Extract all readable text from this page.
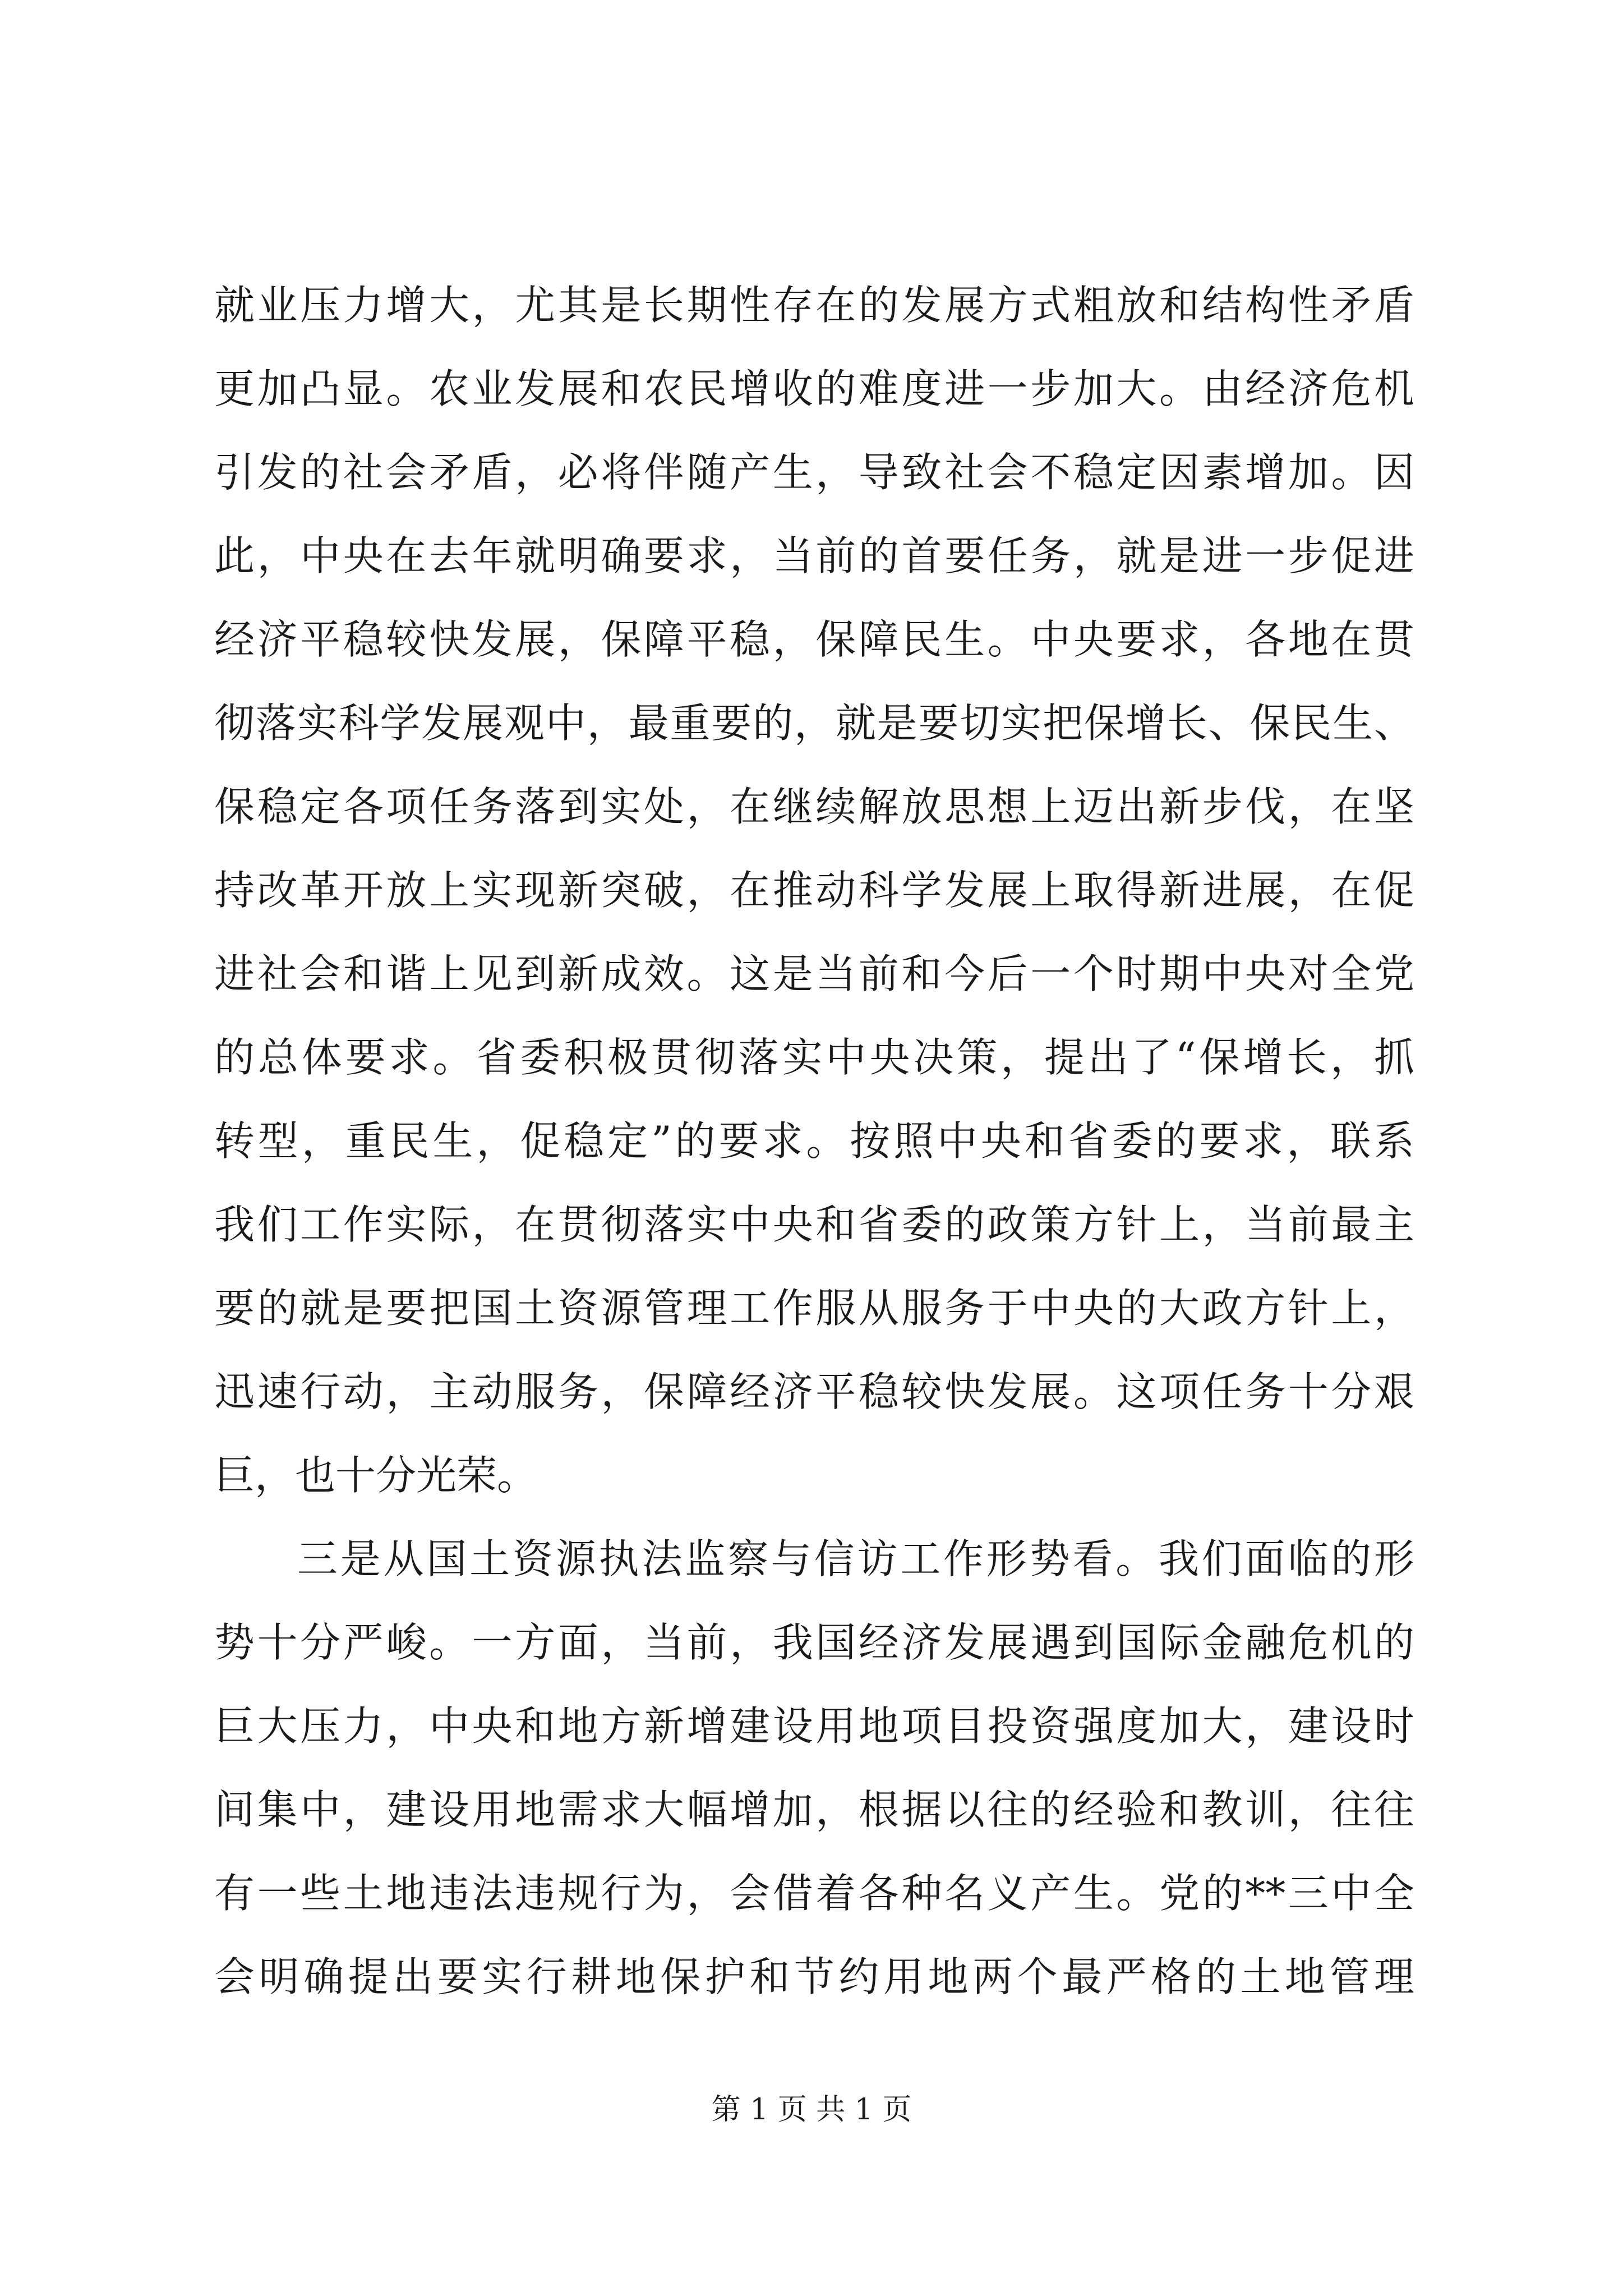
就业压力增大，尤其是长期性存在的发展方式粗放和结构性矛盾
更加凸显。农业发展和农民增收的难度进一步加大。由经济危机
引发的社会矛盾，必将伴随产生，导致社会不稳定因素增加。因
此，中央在去年就明确要求，当前的首要任务，就是进一步促进
经济平稳较快发展，保障平稳，保障民生。中央要求，各地在贯
彻落实科学发展观中，最重要的，就是要切实把保增长、保民生、
保稳定各项任务落到实处，在继续解放思想上迈出新步伐，在坚
持改革开放上实现新突破，在推动科学发展上取得新进展，在促
进社会和谐上见到新成效。这是当前和今后一个时期中央对全党
的总体要求。省委积极贯彻落实中央决策，提出了“保增长，抓
转型，重民生，促稳定”的要求。按照中央和省委的要求，联系
我们工作实际，在贯彻落实中央和省委的政策方针上，当前最主
要的就是要把国土资源管理工作服从服务于中央的大政方针上，
迅速行动，主动服务，保障经济平稳较快发展。这项任务十分艰
巨，也十分光荣。
三是从国土资源执法监察与信访工作形势看。我们面临的形
势十分严峻。一方面，当前，我国经济发展遇到国际金融危机的
巨大压力，中央和地方新增建设用地项目投资强度加大，建设时
间集中，建设用地需求大幅增加，根据以往的经验和教训，往往
有一些土地违法违规行为，会借着各种名义产生。党的**三中全
会明确提出要实行耕地保护和节约用地两个最严格的土地管理
第 1 页 共 1 页
